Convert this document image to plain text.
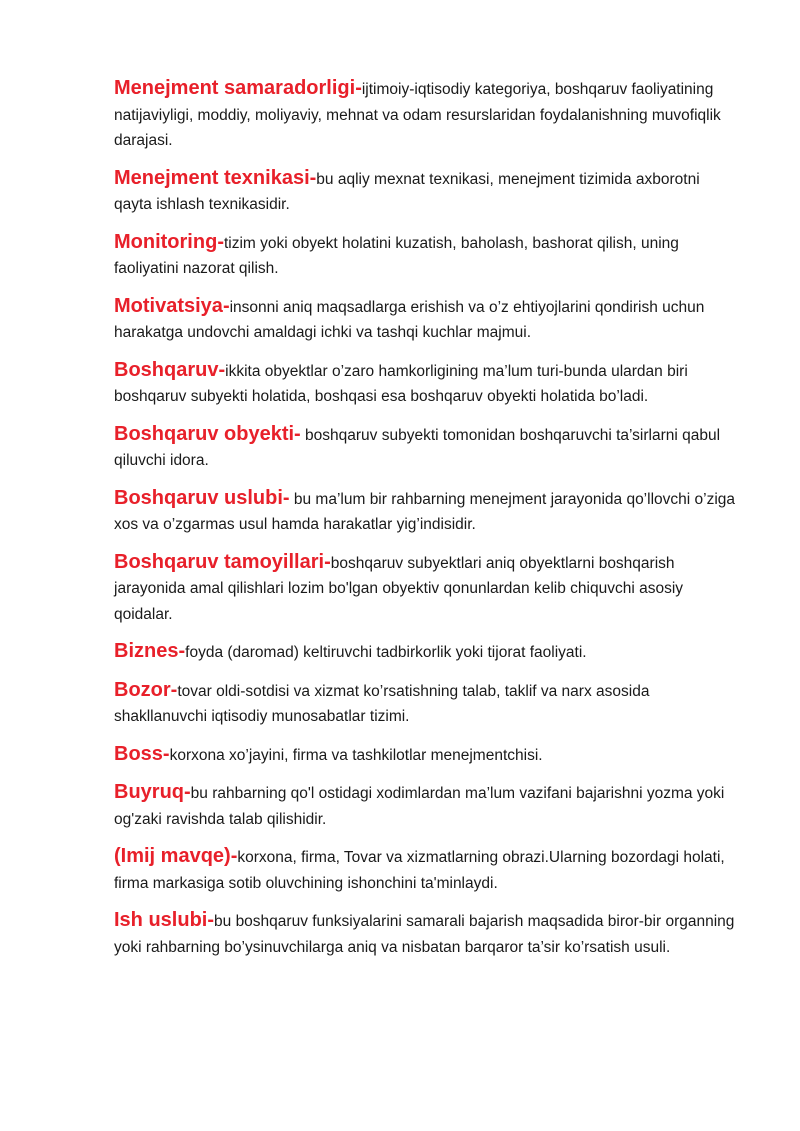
Menejment samaradorligi-ijtimoiy-iqtisodiy kategoriya, boshqaruv faoliyatining natijaviyligi, moddiy, moliyaviy, mehnat va odam resurslaridan foydalanishning muvofiqlik darajasi.

Menejment texnikasi-bu aqliy mexnat texnikasi, menejment tizimida axborotni qayta ishlash texnikasidir.

Monitoring-tizim yoki obyekt holatini kuzatish, baholash, bashorat qilish, uning faoliyatini nazorat qilish.

Motivatsiya-insonni aniq maqsadlarga erishish va o’z ehtiyojlarini qondirish uchun harakatga undovchi amaldagi ichki va tashqi kuchlar majmui.

Boshqaruv-ikkita obyektlar o’zaro hamkorligining ma’lum turi-bunda ulardan biri boshqaruv subyekti holatida, boshqasi esa boshqaruv obyekti holatida bo’ladi.

Boshqaruv obyekti- boshqaruv subyekti tomonidan boshqaruvchi ta’sirlarni qabul qiluvchi idora.

Boshqaruv uslubi- bu ma’lum bir rahbarning menejment jarayonida qo’llovchi o’ziga xos va o’zgarmas usul hamda harakatlar yig’indisidir.

Boshqaruv tamoyillari-boshqaruv subyektlari aniq obyektlarni boshqarish jarayonida amal qilishlari lozim bo'lgan obyektiv qonunlardan kelib chiquvchi asosiy qoidalar.

Biznes-foyda (daromad) keltiruvchi tadbirkorlik yoki tijorat faoliyati.

Bozor-tovar oldi-sotdisi va xizmat ko’rsatishning talab, taklif va narx asosida shakllanuvchi iqtisodiy munosabatlar tizimi.

Boss-korxona xo’jayini, firma va tashkilotlar menejmentchisi.

Buyruq-bu rahbarning qo'l ostidagi xodimlardan ma’lum vazifani bajarishni yozma yoki og'zaki ravishda talab qilishidir.

(Imij mavqe)-korxona, firma, Tovar va xizmatlarning obrazi.Ularning bozordagi holati, firma markasiga sotib oluvchining ishonchini ta'minlaydi.

Ish uslubi-bu boshqaruv funksiyalarini samarali bajarish maqsadida biror-bir organning yoki rahbarning bo’ysinuvchilarga aniq va nisbatan barqaror ta’sir ko’rsatish usuli.
